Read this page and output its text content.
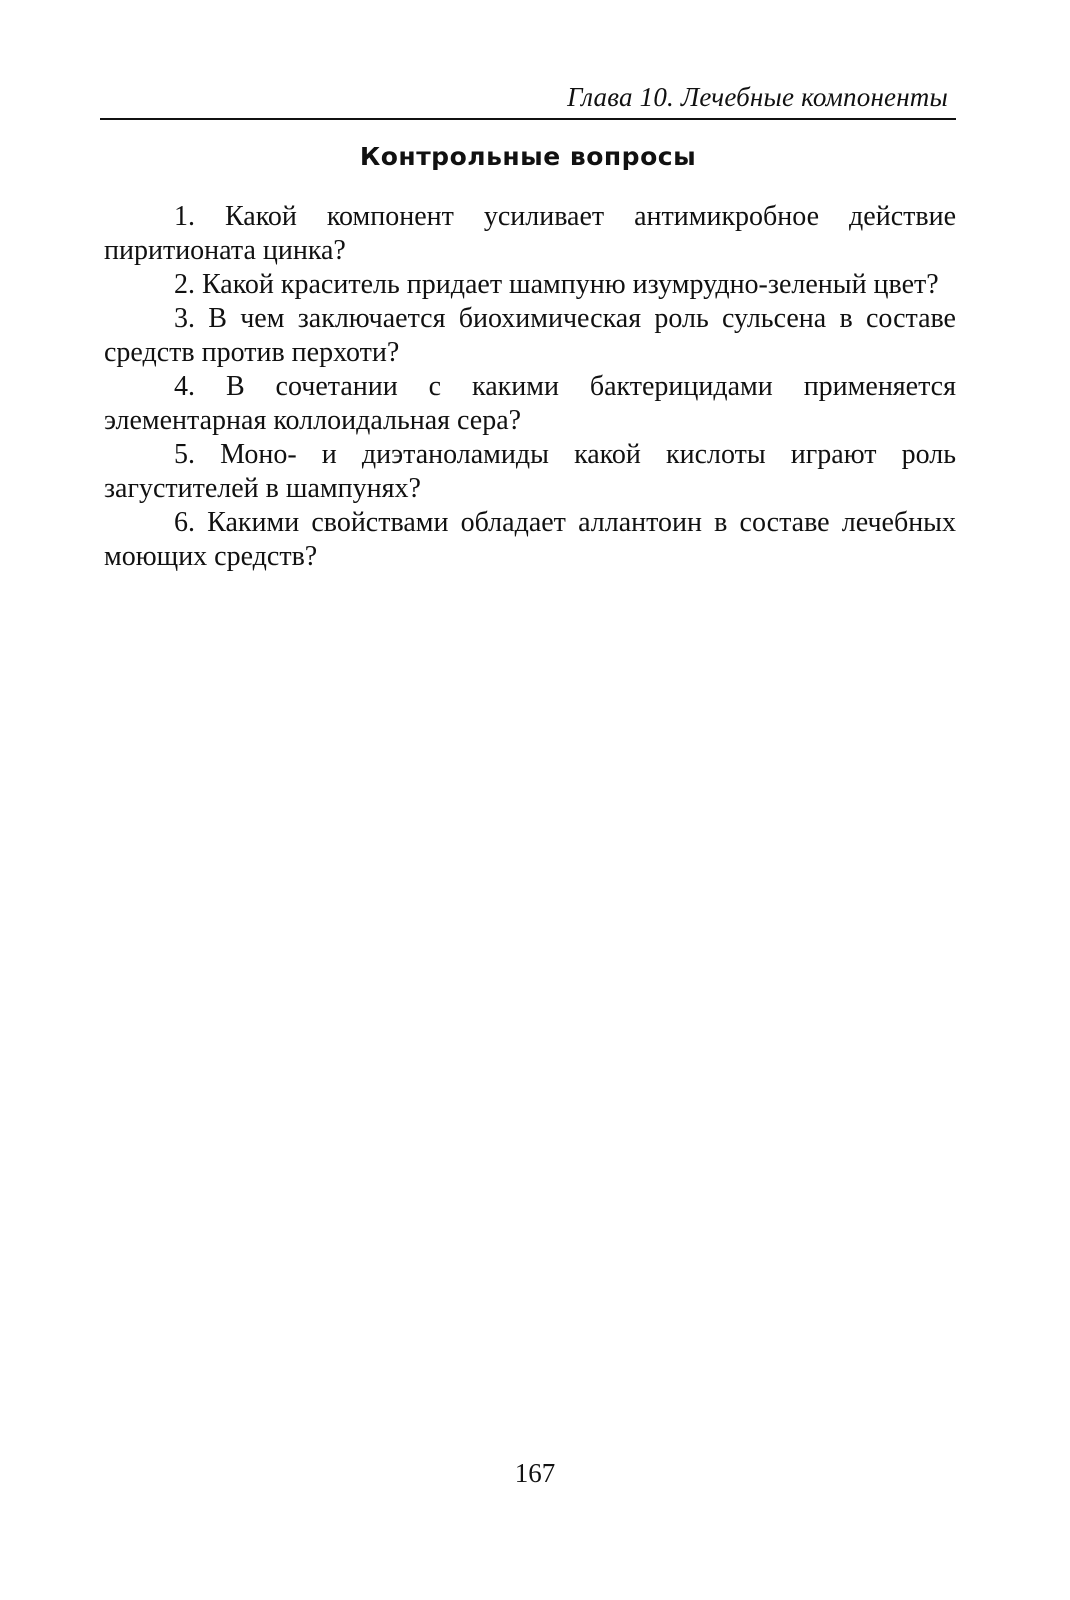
Глава 10. Лечебные компоненты
Контрольные вопросы
1. Какой компонент усиливает антимикробное действие пиритионата цинка?
2. Какой краситель придает шампуню изумрудно-зеленый цвет?
3. В чем заключается биохимическая роль сульсена в составе средств против перхоти?
4. В сочетании с какими бактерицидами применяется элементарная коллоидальная сера?
5. Моно- и диэтаноламиды какой кислоты играют роль загустителей в шампунях?
6. Какими свойствами обладает аллантоин в составе лечебных моющих средств?
167
